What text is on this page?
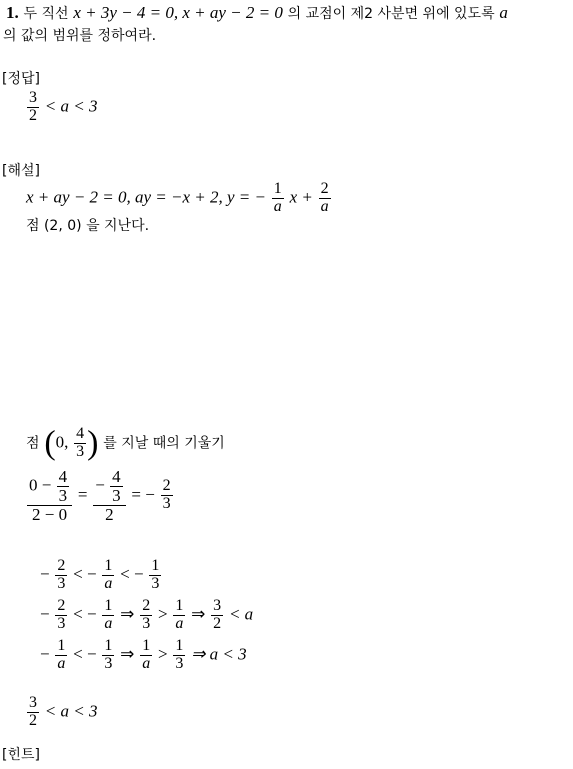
1. 두 직선 x + 3y − 4 = 0, x + ay − 2 = 0 의 교점이 제2 사분면 위에 있도록 a
의 값의 범위를 정하여라.
[정답]
$\frac{3}{2} < a < 3$
[해설]
x + ay − 2 = 0, ay = −x + 2, y = − $\frac{1}{a}$ $x + \frac{2}{a}$
점 (2, 0) 을 지난다.
점 (0, $\frac{4}{3}$ ) 를 지날 때의 기울기
$\frac{0 - \frac{4}{3}}{2 - 0} = \frac{- \frac{4}{3}}{2}$ = − $\frac{2}{3}$
− $\frac{2}{3}$ < − $\frac{1}{a}$ < − $\frac{1}{3}$
− $\frac{2}{3}$ < − $\frac{1}{a}$ ⇒ $\frac{2}{3} > \frac{1}{a}$ ⇒ $\frac{3}{2} < a$
− $\frac{1}{a}$ < − $\frac{1}{3}$ ⇒ $\frac{1}{a} > \frac{1}{3}$ ⇒ a < 3
$\frac{3}{2} < a < 3$
[힌트]
